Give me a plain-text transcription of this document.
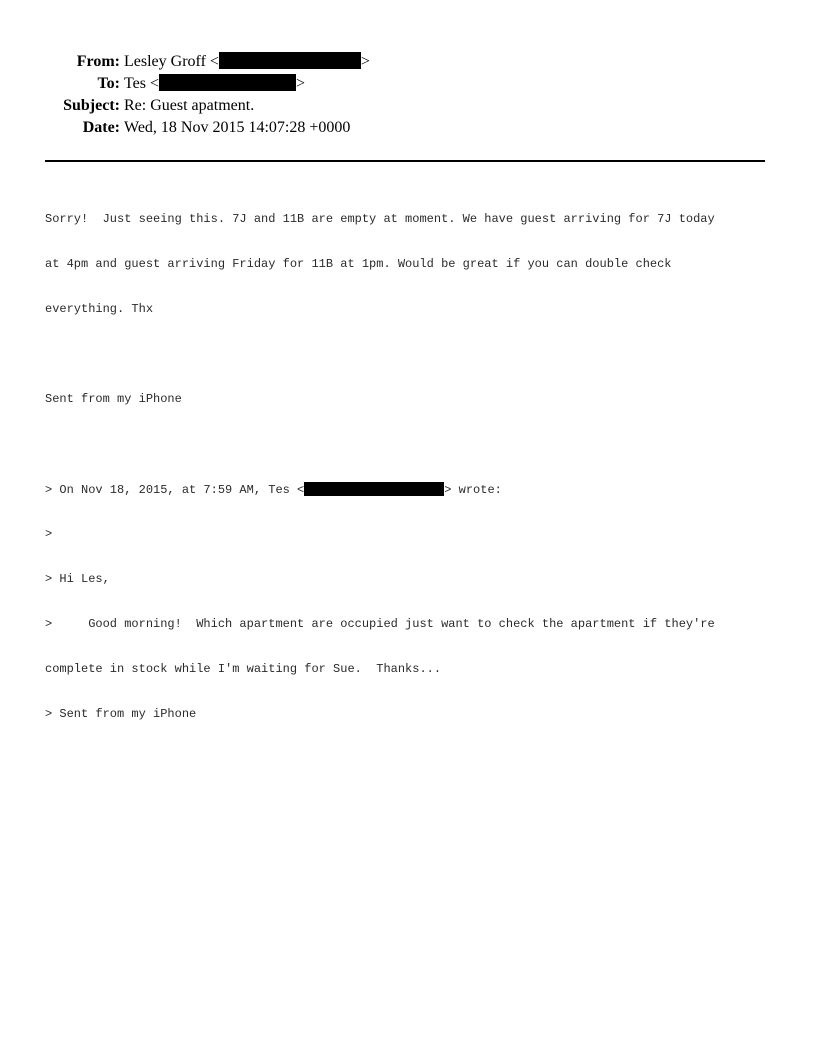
From: Lesley Groff <	>
To: Tes <	>
Subject: Re: Guest apatment.
Date: Wed, 18 Nov 2015 14:07:28 +0000

Sorry!  Just seeing this. 7J and 11B are empty at moment. We have guest arriving for 7J today

at 4pm and guest arriving Friday for 11B at 1pm. Would be great if you can double check

everything. Thx

Sent from my iPhone

> On Nov 18, 2015, at 7:59 AM, Tes <	> wrote:

>

> Hi Les,

>     Good morning!  Which apartment are occupied just want to check the apartment if they're

complete in stock while I'm waiting for Sue.  Thanks...

> Sent from my iPhone
